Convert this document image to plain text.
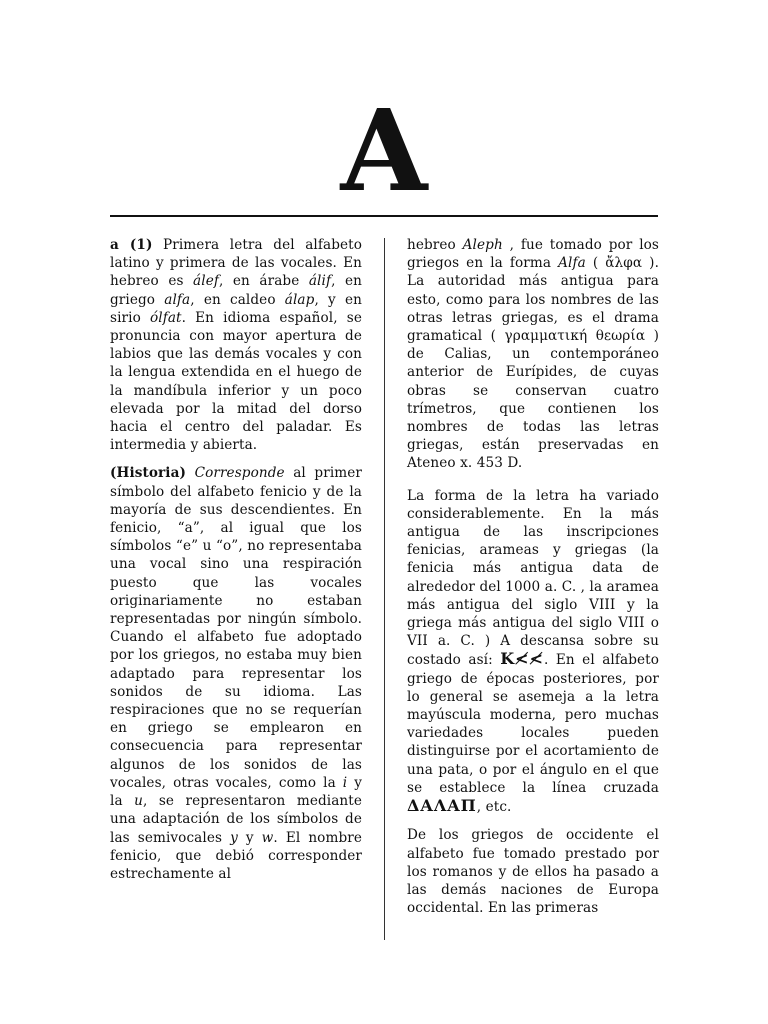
A

a (1) Primera letra del alfabeto latino y primera de las vocales. En hebreo es álef, en árabe álif, en griego alfa, en caldeo álap, y en sirio ólfat. En idioma español, se pronuncia con mayor apertura de labios que las demás vocales y con la lengua extendida en el huego de la mandíbula inferior y un poco elevada por la mitad del dorso hacia el centro del paladar. Es intermedia y abierta.

(Historia) Corresponde al primer símbolo del alfabeto fenicio y de la mayoría de sus descendientes. En fenicio, “a”, al igual que los símbolos “e” u “o”, no representaba una vocal sino una respiración puesto que las vocales originariamente no estaban representadas por ningún símbolo. Cuando el alfabeto fue adoptado por los griegos, no estaba muy bien adaptado para representar los sonidos de su idioma. Las respiraciones que no se requerían en griego se emplearon en consecuencia para representar algunos de los sonidos de las vocales, otras vocales, como la i y la u, se representaron mediante una adaptación de los símbolos de las semivocales y y w. El nombre fenicio, que debió corresponder estrechamente al

hebreo Aleph , fue tomado por los griegos en la forma Alfa ( ἄλφα ). La autoridad más antigua para esto, como para los nombres de las otras letras griegas, es el drama gramatical ( γραμματική θεωρία ) de Calias, un contemporáneo anterior de Eurípides, de cuyas obras se conservan cuatro trímetros, que contienen los nombres de todas las letras griegas, están preservadas en Ateneo x. 453 D.

La forma de la letra ha variado considerablemente. En la más antigua de las inscripciones fenicias, arameas y griegas (la fenicia más antigua data de alrededor del 1000 a. C. , la aramea más antigua del siglo VIII y la griega más antigua del siglo VIII o VII a. C. ) A descansa sobre su costado así: K≮≮. En el alfabeto griego de épocas posteriores, por lo general se asemeja a la letra mayúscula moderna, pero muchas variedades locales pueden distinguirse por el acortamiento de una pata, o por el ángulo en el que se establece la línea cruzada ΔAΛAΠ, etc.

De los griegos de occidente el alfabeto fue tomado prestado por los romanos y de ellos ha pasado a las demás naciones de Europa occidental. En las primeras
